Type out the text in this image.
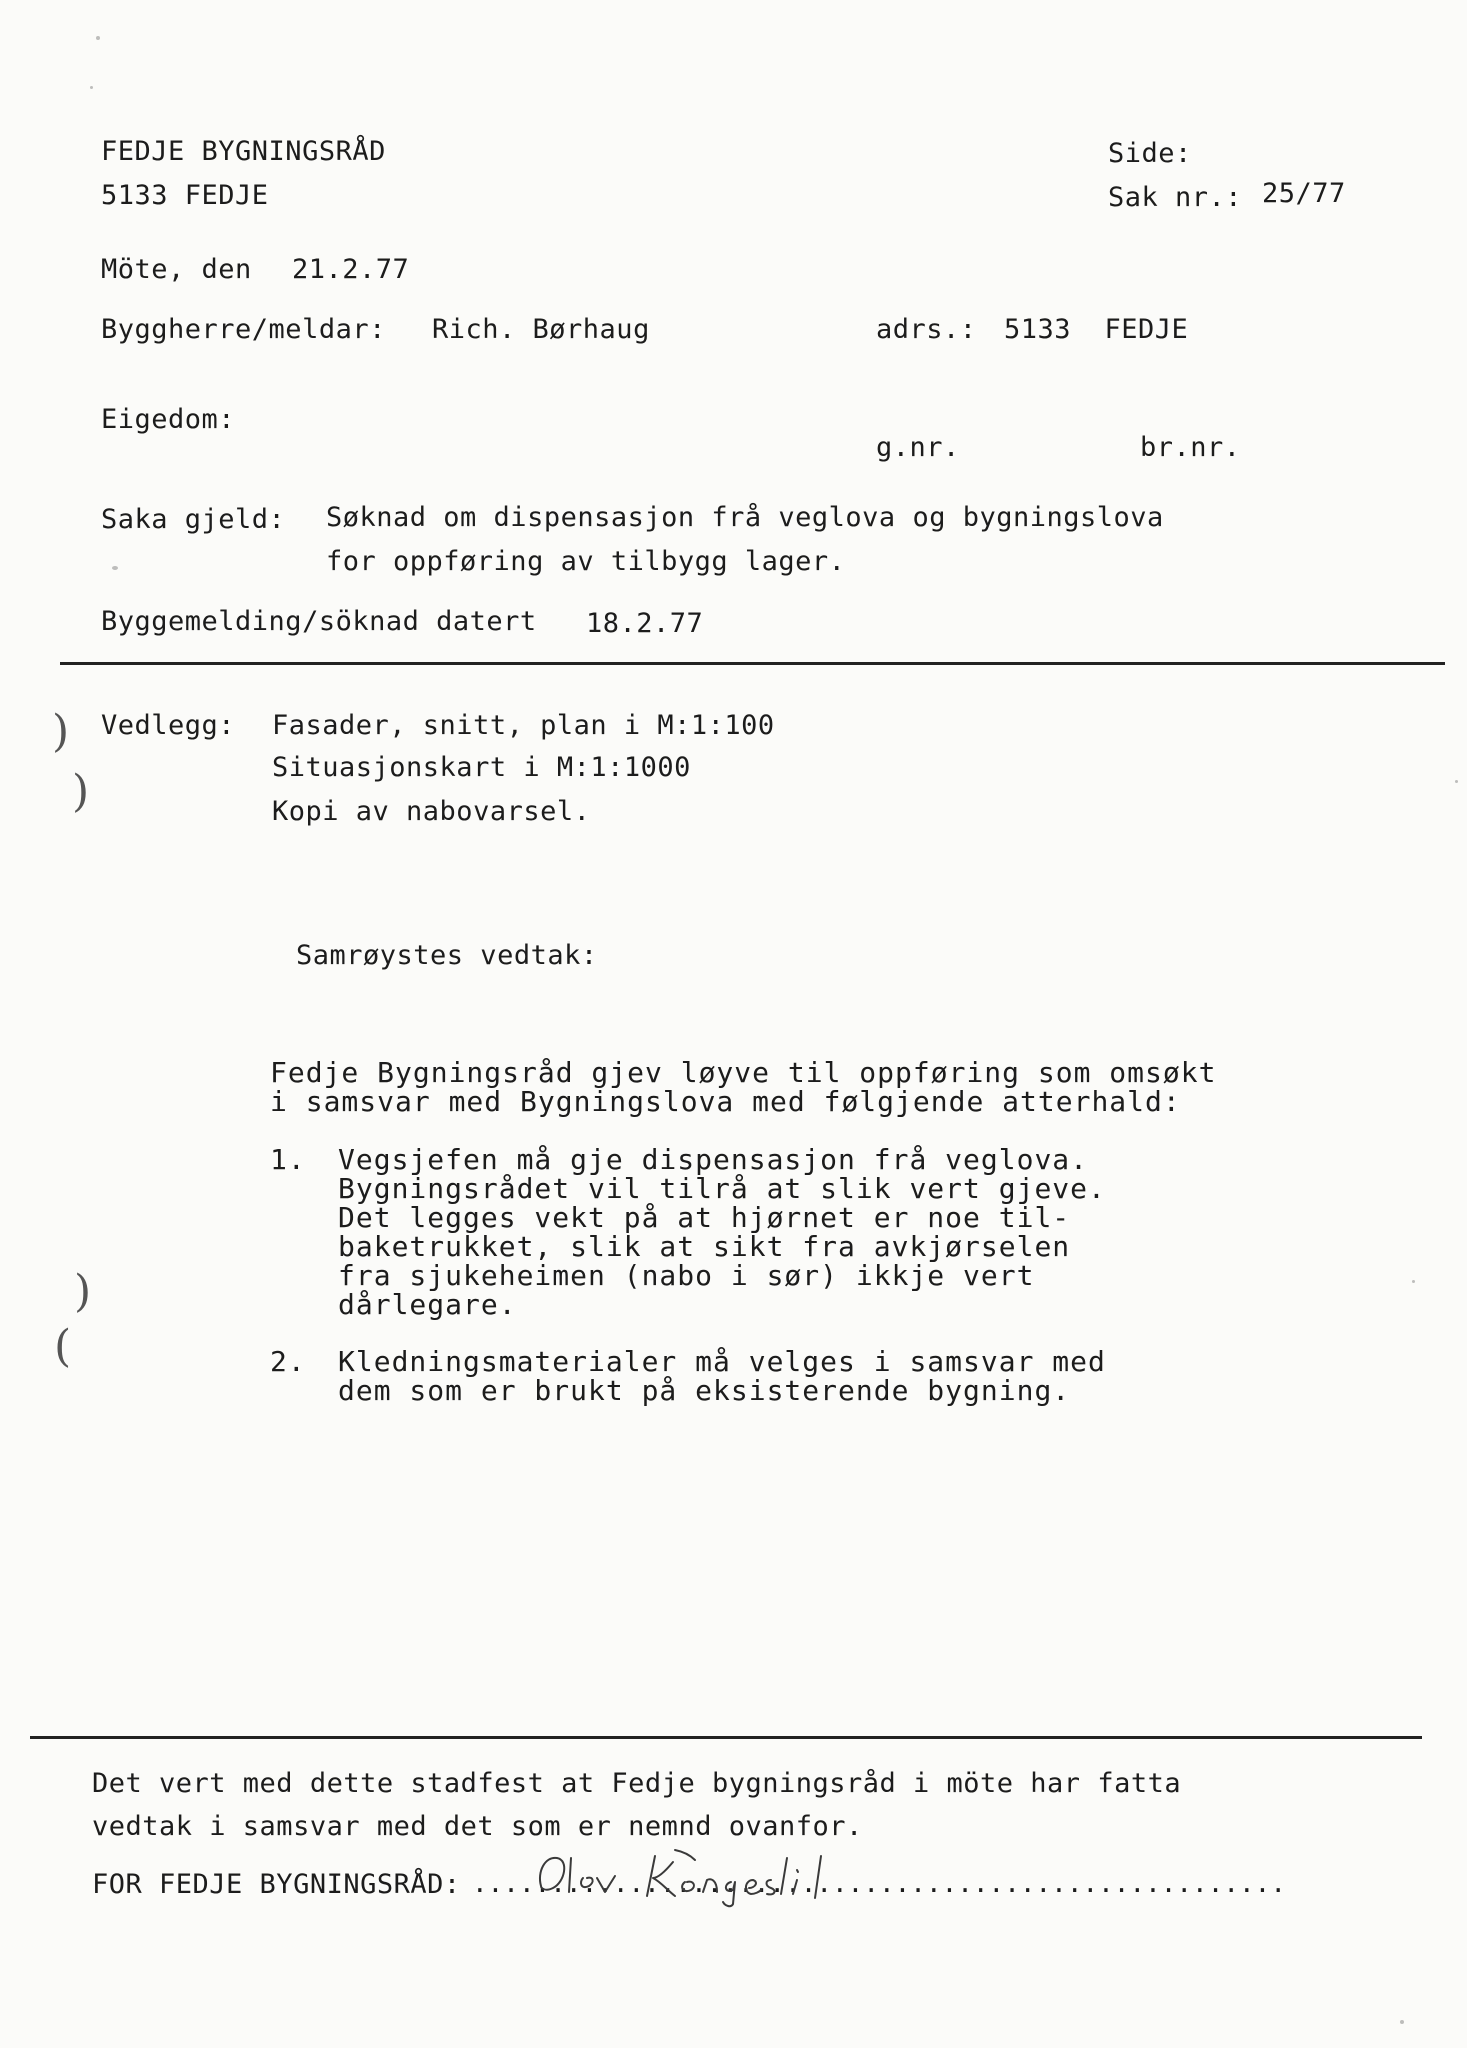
)
)
)
(
FEDJE BYGNINGSRÅD
5133 FEDJE
Side:
Sak nr.: 25/77
Möte, den 21.2.77
Byggherre/meldar: Rich. Børhaug	adrs.: 5133  FEDJE
Eigedom:
g.nr.	br.nr.
Saka gjeld: Søknad om dispensasjon frå veglova og bygningslova
for oppføring av tilbygg lager.
Byggemelding/söknad datert 18.2.77
Vedlegg: Fasader, snitt, plan i M:1:100
Situasjonskart i M:1:1000
Kopi av nabovarsel.
Samrøystes vedtak:
Fedje Bygningsråd gjev løyve til oppføring som omsøkt
i samsvar med Bygningslova med følgjende atterhald:
1. Vegsjefen må gje dispensasjon frå veglova.
Bygningsrådet vil tilrå at slik vert gjeve.
Det legges vekt på at hjørnet er noe til-
baketrukket, slik at sikt fra avkjørselen
fra sjukeheimen (nabo i sør) ikkje vert
dårlegare.
2. Kledningsmaterialer må velges i samsvar med
dem som er brukt på eksisterende bygning.
Det vert med dette stadfest at Fedje bygningsråd i möte har fatta
vedtak i samsvar med det som er nemnd ovanfor.
FOR FEDJE BYGNINGSRÅD: ....................................................
